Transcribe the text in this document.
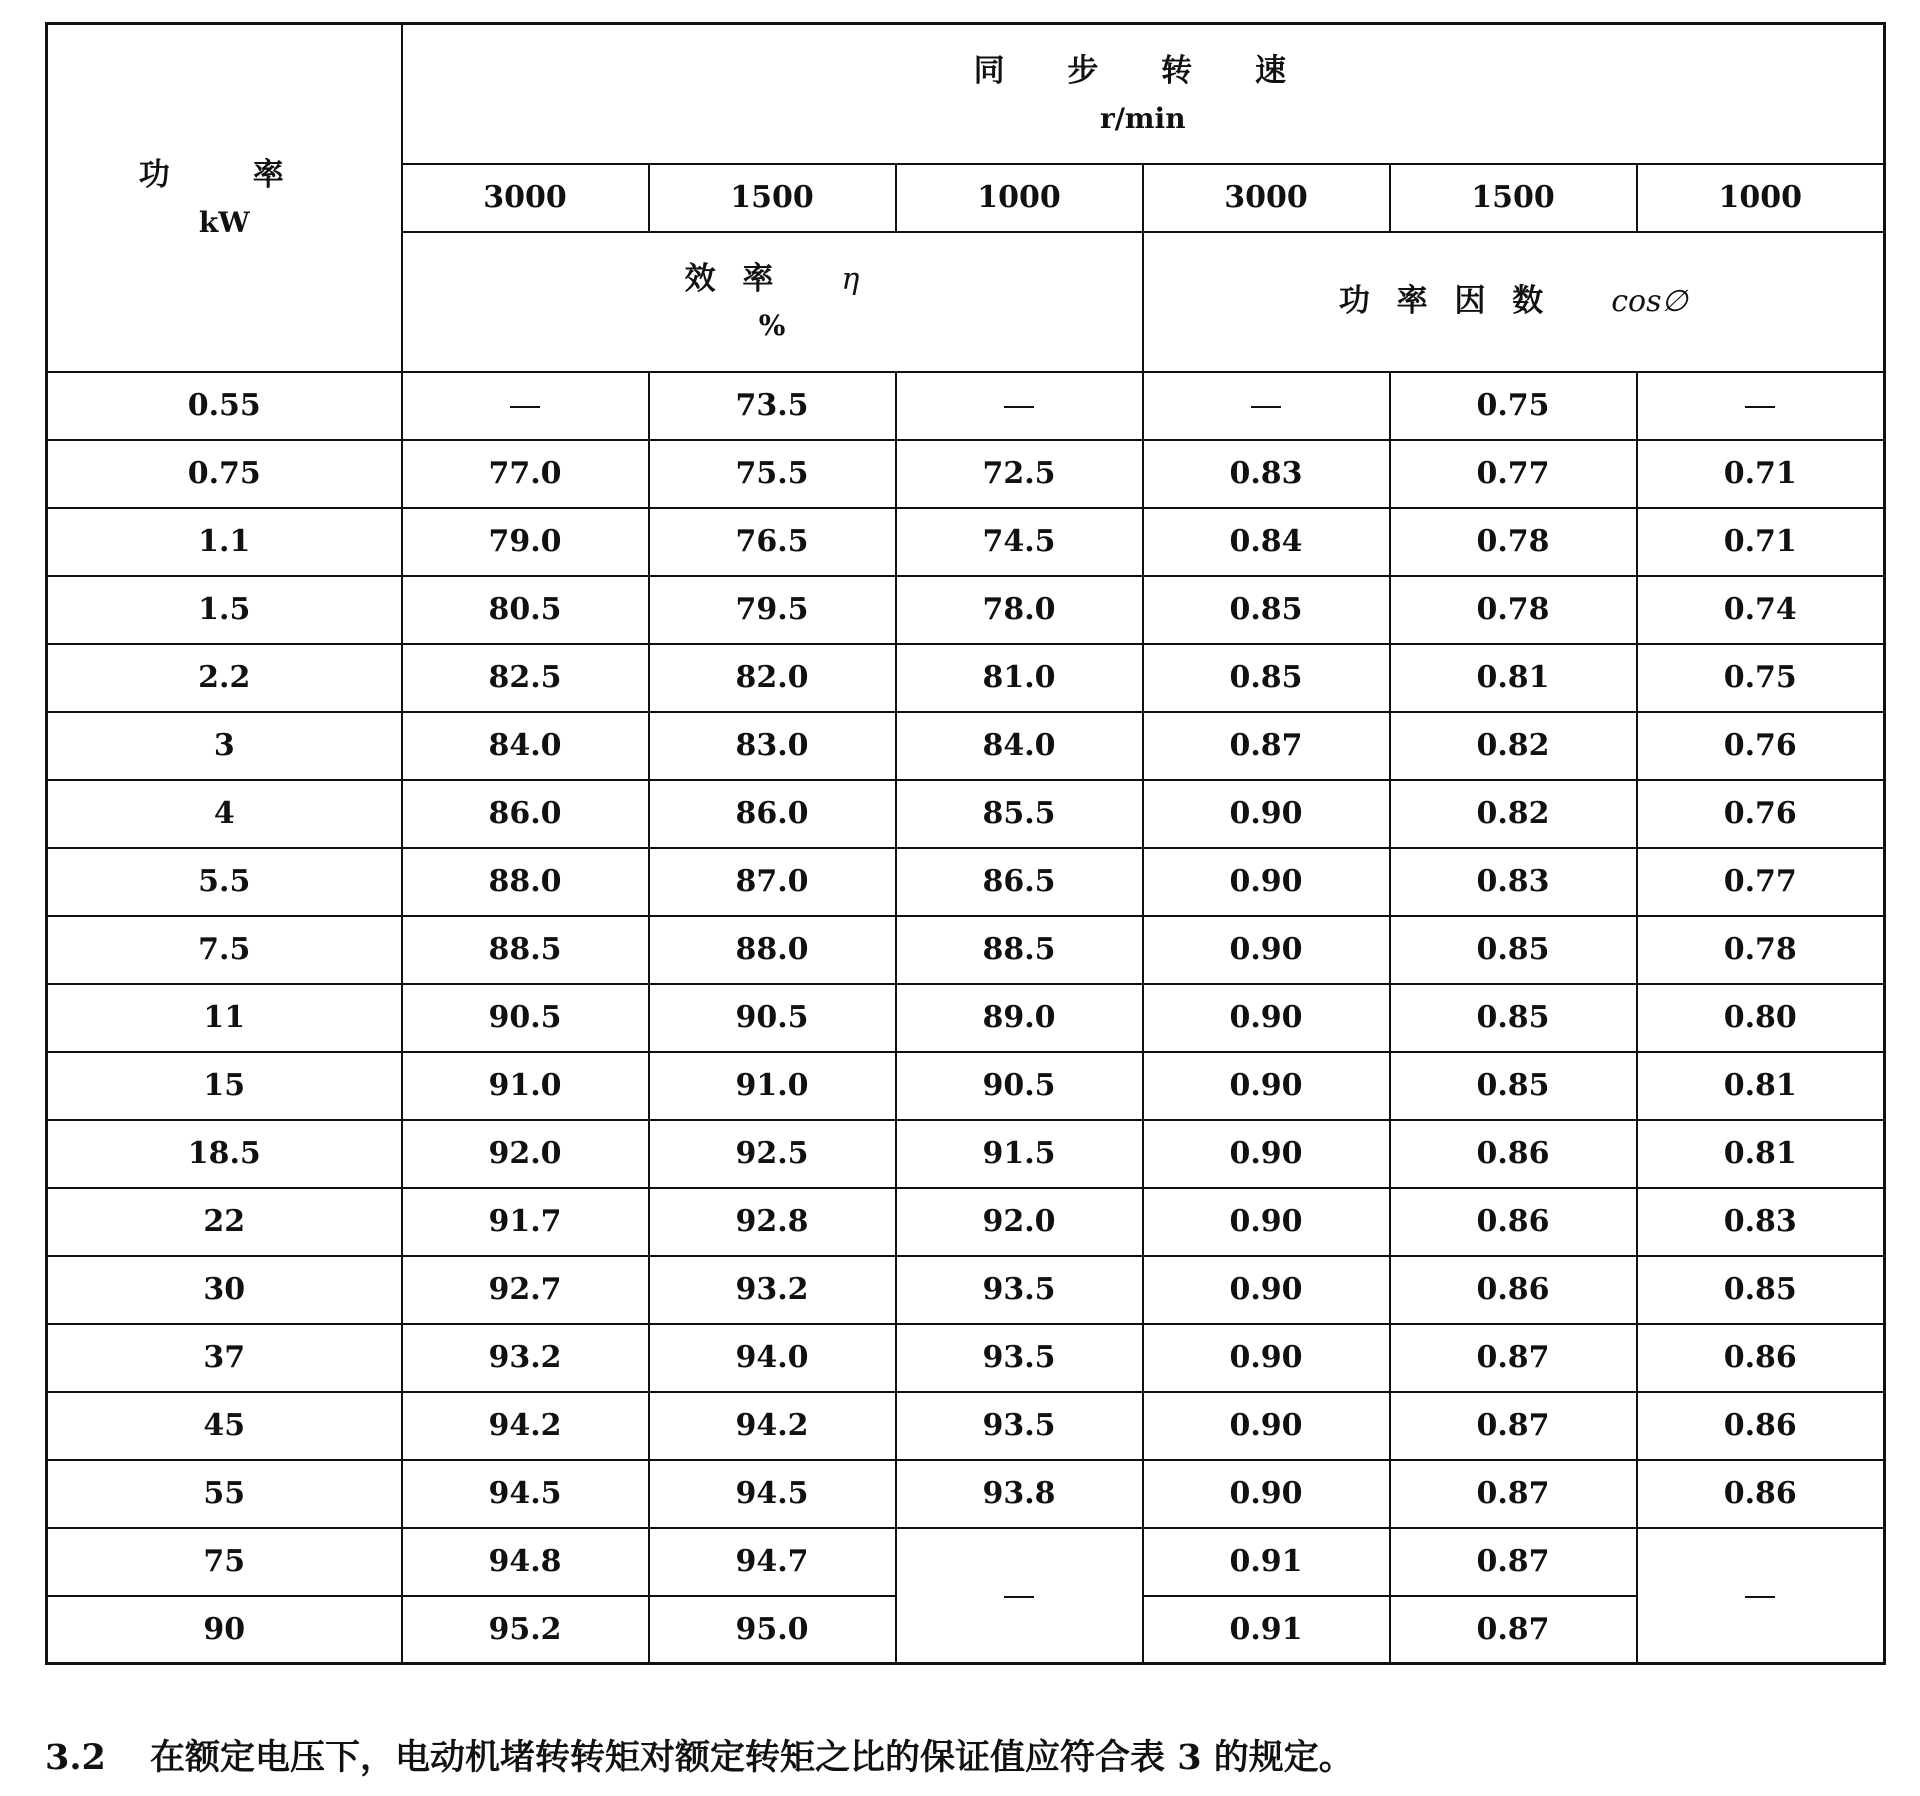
功　率
kW	同 步 转 速
r/min					

	3000	1500	1000	3000	1500	1000
	效 率 η
%			功 率 因 数 cos∅		
0.55		73.5			0.75	
0.75	77.0	75.5	72.5	0.83	0.77	0.71
1.1	79.0	76.5	74.5	0.84	0.78	0.71
1.5	80.5	79.5	78.0	0.85	0.78	0.74
2.2	82.5	82.0	81.0	0.85	0.81	0.75
3	84.0	83.0	84.0	0.87	0.82	0.76
4	86.0	86.0	85.5	0.90	0.82	0.76
5.5	88.0	87.0	86.5	0.90	0.83	0.77
7.5	88.5	88.0	88.5	0.90	0.85	0.78
11	90.5	90.5	89.0	0.90	0.85	0.80
15	91.0	91.0	90.5	0.90	0.85	0.81
18.5	92.0	92.5	91.5	0.90	0.86	0.81
22	91.7	92.8	92.0	0.90	0.86	0.83
30	92.7	93.2	93.5	0.90	0.86	0.85
37	93.2	94.0	93.5	0.90	0.87	0.86
45	94.2	94.2	93.5	0.90	0.87	0.86
55	94.5	94.5	93.8	0.90	0.87	0.86
75	94.8	94.7		0.91	0.87	
90	95.2	95.0		0.91	0.87	

3.2 在额定电压下，电动机堵转转矩对额定转矩之比的保证值应符合表 3 的规定。
